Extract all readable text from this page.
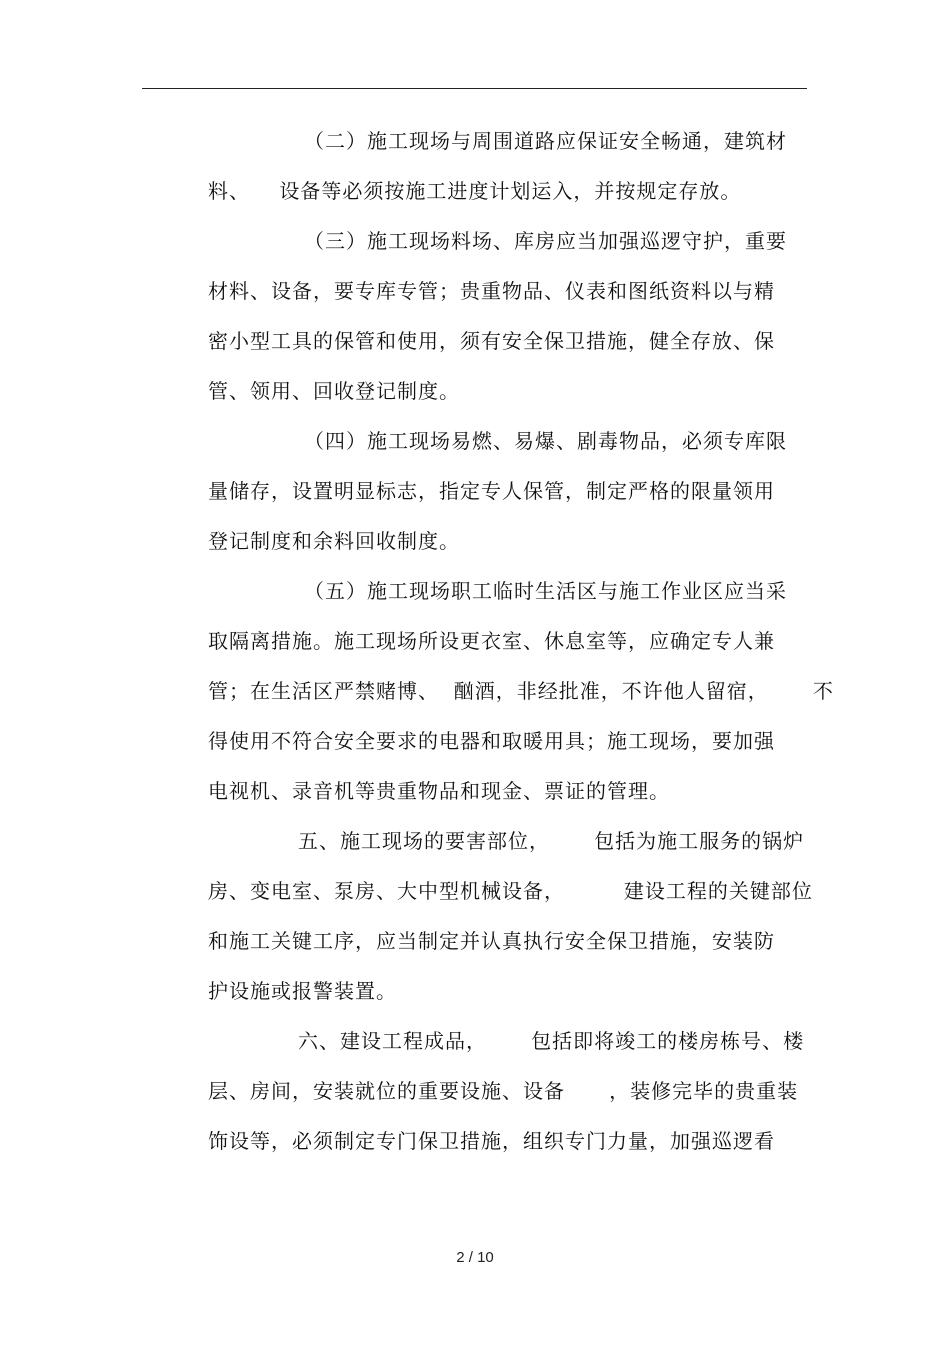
（二）施工现场与周围道路应保证安全畅通，建筑材
料、    设备等必须按施工进度计划运入，并按规定存放。
（三）施工现场料场、库房应当加强巡逻守护，重要
材料、设备，要专库专管；贵重物品、仪表和图纸资料以与精
密小型工具的保管和使用，须有安全保卫措施，健全存放、保
管、领用、回收登记制度。
（四）施工现场易燃、易爆、剧毒物品，必须专库限
量储存，设置明显标志，指定专人保管，制定严格的限量领用
登记制度和余料回收制度。
（五）施工现场职工临时生活区与施工作业区应当采
取隔离措施。施工现场所设更衣室、休息室等，应确定专人兼
管；在生活区严禁赌博、  酗酒，非经批准，不许他人留宿，      不
得使用不符合安全要求的电器和取暖用具；施工现场，要加强
电视机、录音机等贵重物品和现金、票证的管理。
五、施工现场的要害部位，      包括为施工服务的锅炉
房、变电室、泵房、大中型机械设备，        建设工程的关键部位
和施工关键工序，应当制定并认真执行安全保卫措施，安装防
护设施或报警装置。
六、建设工程成品，      包括即将竣工的楼房栋号、楼
层、房间，安装就位的重要设施、设备      ，装修完毕的贵重装
饰设等，必须制定专门保卫措施，组织专门力量，加强巡逻看
2 / 10
